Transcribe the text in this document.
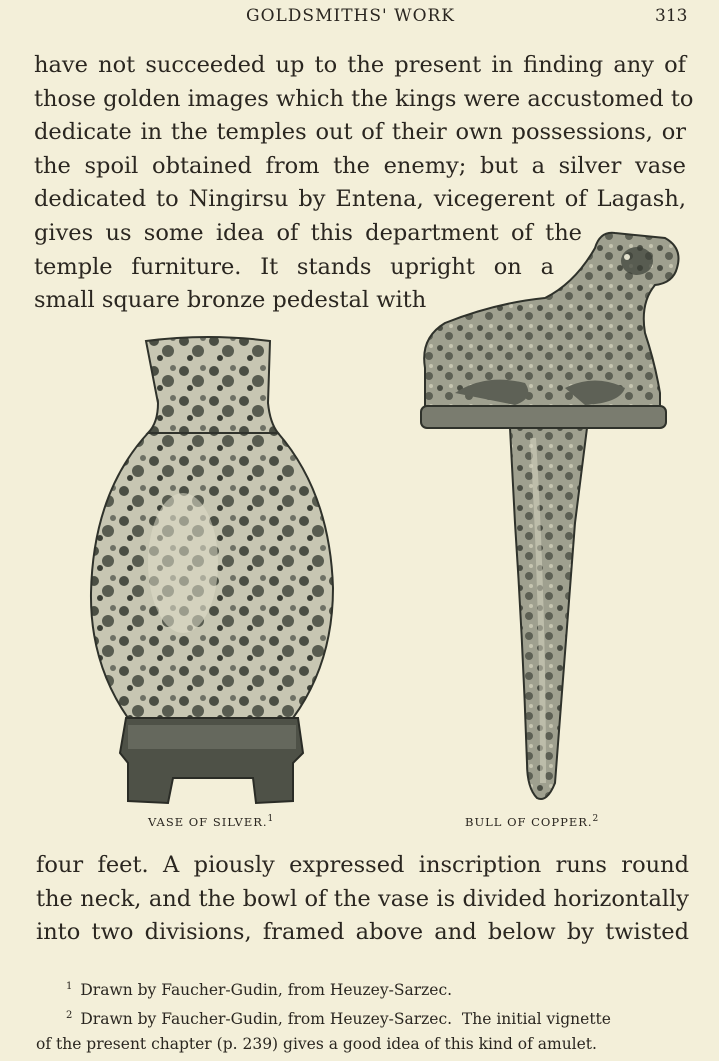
GOLDSMITHS' WORK	313
have not succeeded up to the present in finding any of
those golden images which the kings were accustomed to
dedicate in the temples out of their own possessions, or
the spoil obtained from the enemy; but a silver vase
dedicated to Ningirsu by Entena, vicegerent of Lagash,
gives us some idea of this department of the
temple furniture. It stands upright on a
small square bronze pedestal with
VASE OF SILVER.$^1$	BULL OF COPPER.$^2$
four feet. A piously expressed inscription runs round
the neck, and the bowl of the vase is divided horizontally
into two divisions, framed above and below by twisted
$^1$ Drawn by Faucher-Gudin, from Heuzey-Sarzec.
$^2$ Drawn by Faucher-Gudin, from Heuzey-Sarzec.  The initial vignette
of the present chapter (p. 239) gives a good idea of this kind of amulet.
